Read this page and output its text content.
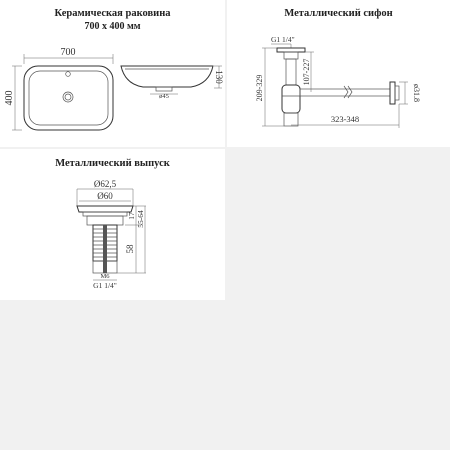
Керамическая раковина
700 x 400 мм
700
400	ø45
130
Металлический сифон
G1 1/4"
209-329
107-227
323-348
ø31.8
Металлический выпуск
Ø62,5
Ø60
M6
G1 1/4"
17
58
55-64
